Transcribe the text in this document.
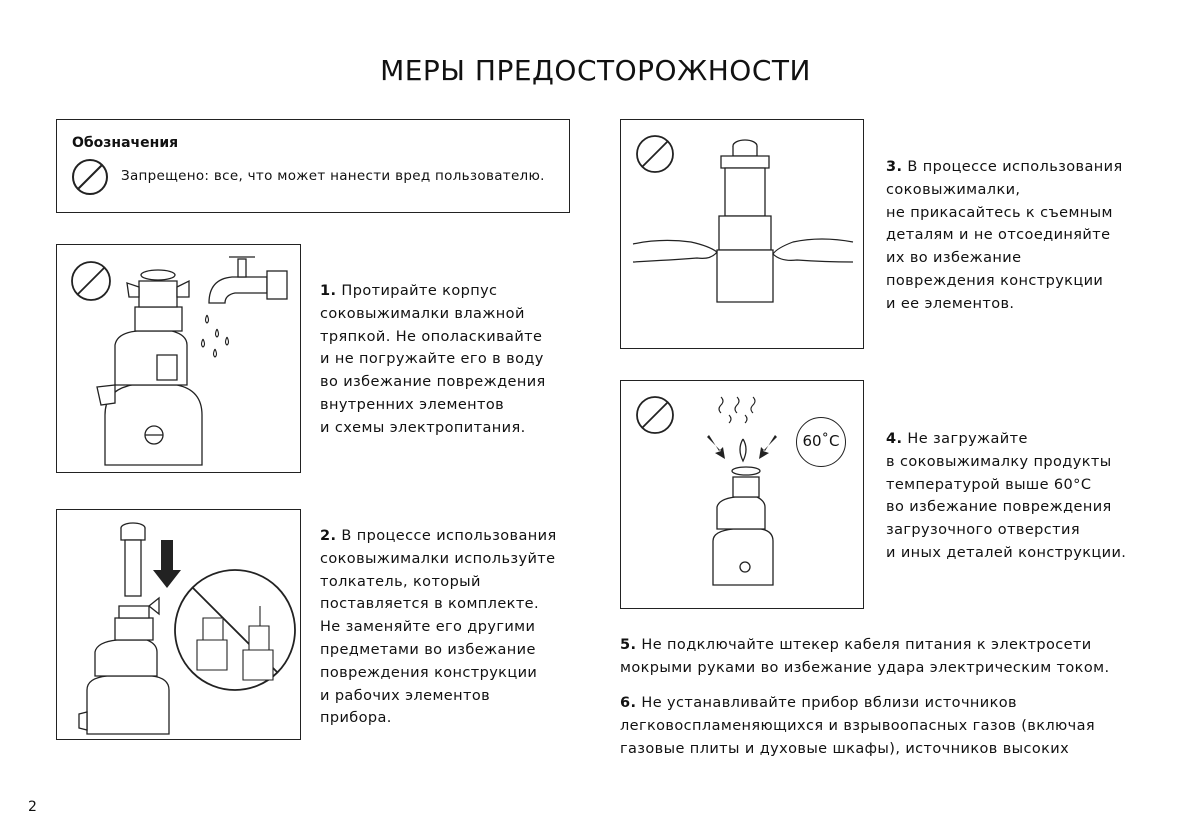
МЕРЫ ПРЕДОСТОРОЖНОСТИ
Обозначения
Запрещено: все, что может нанести вред пользователю.
60˚С
1. Протирайте корпус
соковыжималки влажной
тряпкой. Не ополаскивайте
и не погружайте его в воду
во избежание повреждения
внутренних элементов
и схемы электропитания.
2. В процессе использования
соковыжималки используйте
толкатель, который
поставляется в комплекте.
Не заменяйте его другими
предметами во избежание
повреждения конструкции
и рабочих элементов
прибора.
3. В процессе использования
соковыжималки,
не прикасайтесь к съемным
деталям и не отсоединяйте
их во избежание
повреждения конструкции
и ее элементов.
4. Не загружайте
в соковыжималку продукты
температурой выше 60°С
во избежание повреждения
загрузочного отверстия
и иных деталей конструкции.
5. Не подключайте штекер кабеля питания к электросети
мокрыми руками во избежание удара электрическим током.
6. Не устанавливайте прибор вблизи источников
легковоспламеняющихся и взрывоопасных газов (включая
газовые плиты и духовые шкафы), источников высоких
2
